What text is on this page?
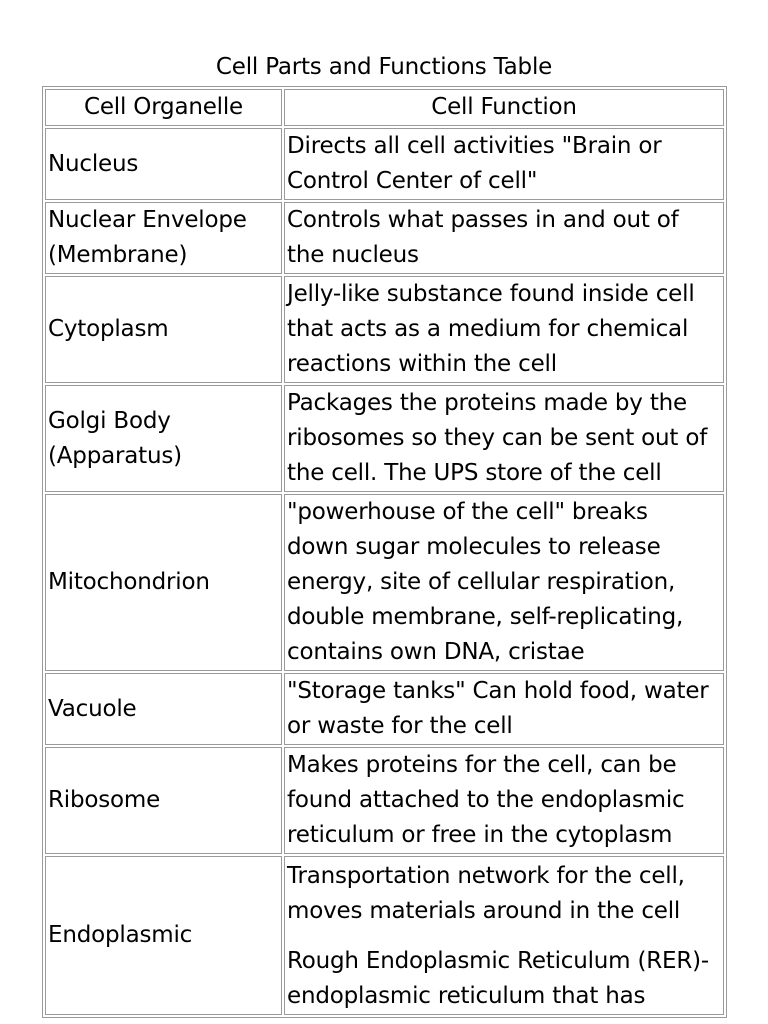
Cell Parts and Functions Table
Cell Organelle	Cell Function
Nucleus	Directs all cell activities "Brain or
Control Center of cell"
Nuclear Envelope
(Membrane)	Controls what passes in and out of
the nucleus
Cytoplasm	Jelly-like substance found inside cell
that acts as a medium for chemical
reactions within the cell
Golgi Body
(Apparatus)	Packages the proteins made by the
ribosomes so they can be sent out of
the cell. The UPS store of the cell
Mitochondrion	"powerhouse of the cell" breaks
down sugar molecules to release
energy, site of cellular respiration,
double membrane, self-replicating,
contains own DNA, cristae
Vacuole	"Storage tanks" Can hold food, water
or waste for the cell
Ribosome	Makes proteins for the cell, can be
found attached to the endoplasmic
reticulum or free in the cytoplasm
Endoplasmic	Transportation network for the cell,
moves materials around in the cell
Rough Endoplasmic Reticulum (RER)-
endoplasmic reticulum that has
